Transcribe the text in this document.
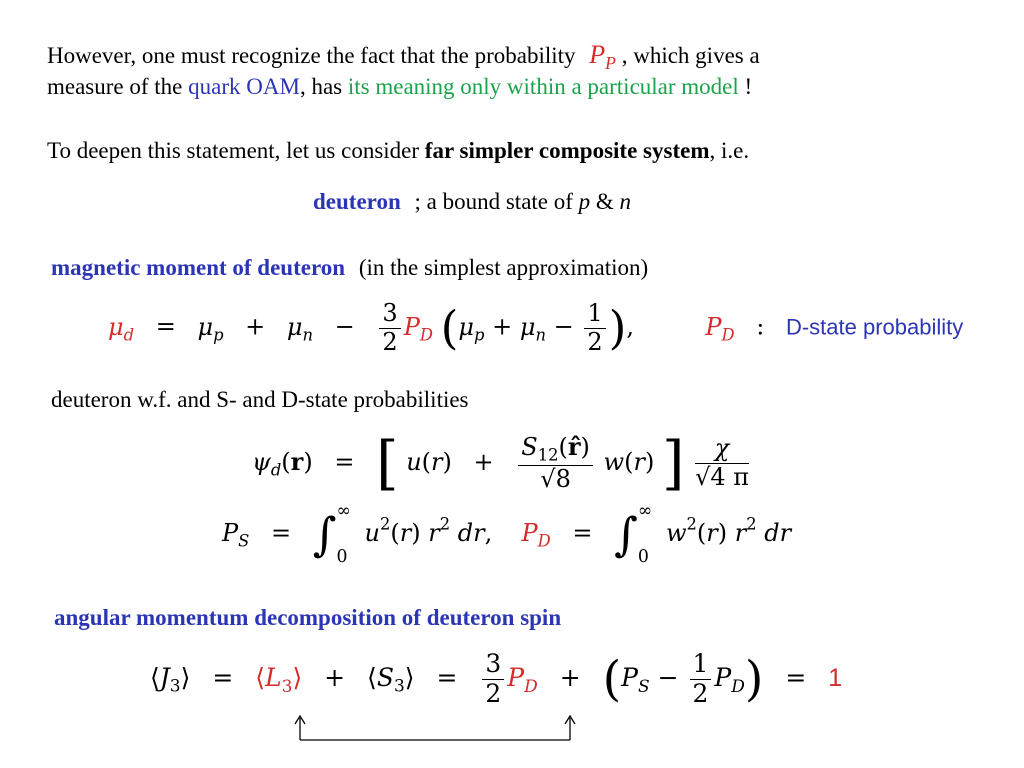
However, one must recognize the fact that the probability $P_P$ , which gives a
measure of the quark OAM, has its meaning only within a particular model !
To deepen this statement, let us consider far simpler composite system, i.e.
deuteron ; a bound state of p & n
magnetic moment of deuteron (in the simplest approximation)
$\mu_d = \mu_p + \mu_n - \frac{3}{2} P_D$ ($\mu_p + \mu_n - \frac{1}{2}$ ),	$P_D$ : D-state probability
deuteron w.f. and S- and D-state probabilities
$\psi_d(r)$ = [ $u(r) + \frac{S_{12}(r̂)}{√8} w(r)$ ] $\frac{\chi}{√4 \pi}$
$P_S$ = ∫ ∞
0
$u^2(r)$ $r^2$ dr,  $P_D$ = ∫ ∞
0
$w^2(r)$ $r^2$ dr
angular momentum decomposition of deuteron spin
$⟨J_3⟩$ = $⟨L_3⟩$ + $⟨S_3⟩ = \frac{3}{2} P_D + (P_S - \frac{1}{2} P_D) = 1$
